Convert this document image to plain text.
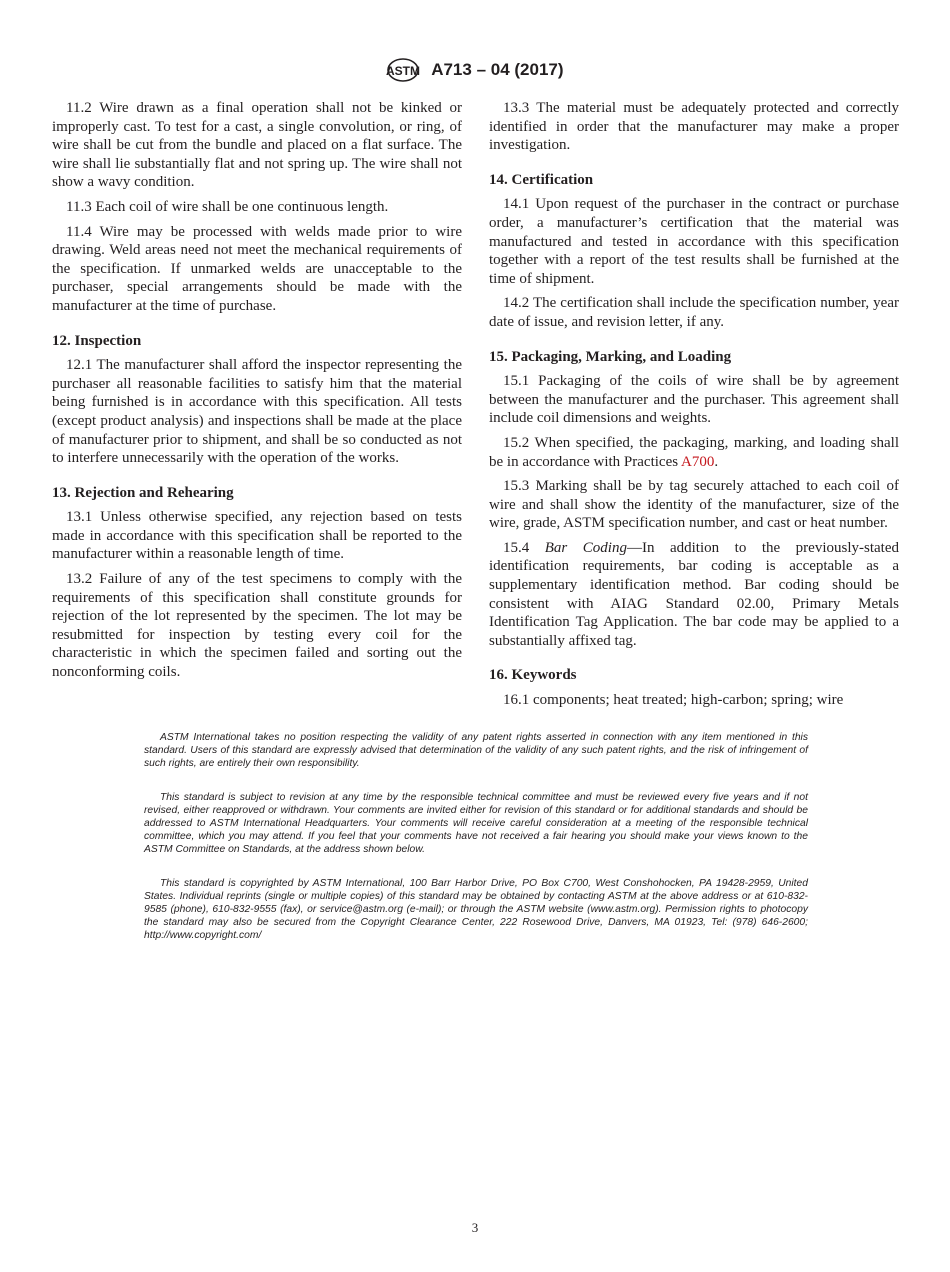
ASTM A713 – 04 (2017)

11.2 Wire drawn as a final operation shall not be kinked or improperly cast. To test for a cast, a single convolution, or ring, of wire shall be cut from the bundle and placed on a flat surface. The wire shall lie substantially flat and not spring up. The wire shall not show a wavy condition.

11.3 Each coil of wire shall be one continuous length.

11.4 Wire may be processed with welds made prior to wire drawing. Weld areas need not meet the mechanical requirements of the specification. If unmarked welds are unacceptable to the purchaser, special arrangements should be made with the manufacturer at the time of purchase.

12. Inspection

12.1 The manufacturer shall afford the inspector representing the purchaser all reasonable facilities to satisfy him that the material being furnished is in accordance with this specification. All tests (except product analysis) and inspections shall be made at the place of manufacturer prior to shipment, and shall be so conducted as not to interfere unnecessarily with the operation of the works.

13. Rejection and Rehearing

13.1 Unless otherwise specified, any rejection based on tests made in accordance with this specification shall be reported to the manufacturer within a reasonable length of time.

13.2 Failure of any of the test specimens to comply with the requirements of this specification shall constitute grounds for rejection of the lot represented by the specimen. The lot may be resubmitted for inspection by testing every coil for the characteristic in which the specimen failed and sorting out the nonconforming coils.

13.3 The material must be adequately protected and correctly identified in order that the manufacturer may make a proper investigation.

14. Certification

14.1 Upon request of the purchaser in the contract or purchase order, a manufacturer’s certification that the material was manufactured and tested in accordance with this specification together with a report of the test results shall be furnished at the time of shipment.

14.2 The certification shall include the specification number, year date of issue, and revision letter, if any.

15. Packaging, Marking, and Loading

15.1 Packaging of the coils of wire shall be by agreement between the manufacturer and the purchaser. This agreement shall include coil dimensions and weights.

15.2 When specified, the packaging, marking, and loading shall be in accordance with Practices A700.

15.3 Marking shall be by tag securely attached to each coil of wire and shall show the identity of the manufacturer, size of the wire, grade, ASTM specification number, and cast or heat number.

15.4 Bar Coding—In addition to the previously-stated identification requirements, bar coding is acceptable as a supplementary identification method. Bar coding should be consistent with AIAG Standard 02.00, Primary Metals Identification Tag Application. The bar code may be applied to a substantially affixed tag.

16. Keywords

16.1 components; heat treated; high-carbon; spring; wire

ASTM International takes no position respecting the validity of any patent rights asserted in connection with any item mentioned in this standard. Users of this standard are expressly advised that determination of the validity of any such patent rights, and the risk of infringement of such rights, are entirely their own responsibility.

This standard is subject to revision at any time by the responsible technical committee and must be reviewed every five years and if not revised, either reapproved or withdrawn. Your comments are invited either for revision of this standard or for additional standards and should be addressed to ASTM International Headquarters. Your comments will receive careful consideration at a meeting of the responsible technical committee, which you may attend. If you feel that your comments have not received a fair hearing you should make your views known to the ASTM Committee on Standards, at the address shown below.

This standard is copyrighted by ASTM International, 100 Barr Harbor Drive, PO Box C700, West Conshohocken, PA 19428-2959, United States. Individual reprints (single or multiple copies) of this standard may be obtained by contacting ASTM at the above address or at 610-832-9585 (phone), 610-832-9555 (fax), or service@astm.org (e-mail); or through the ASTM website (www.astm.org). Permission rights to photocopy the standard may also be secured from the Copyright Clearance Center, 222 Rosewood Drive, Danvers, MA 01923, Tel: (978) 646-2600; http://www.copyright.com/

3
